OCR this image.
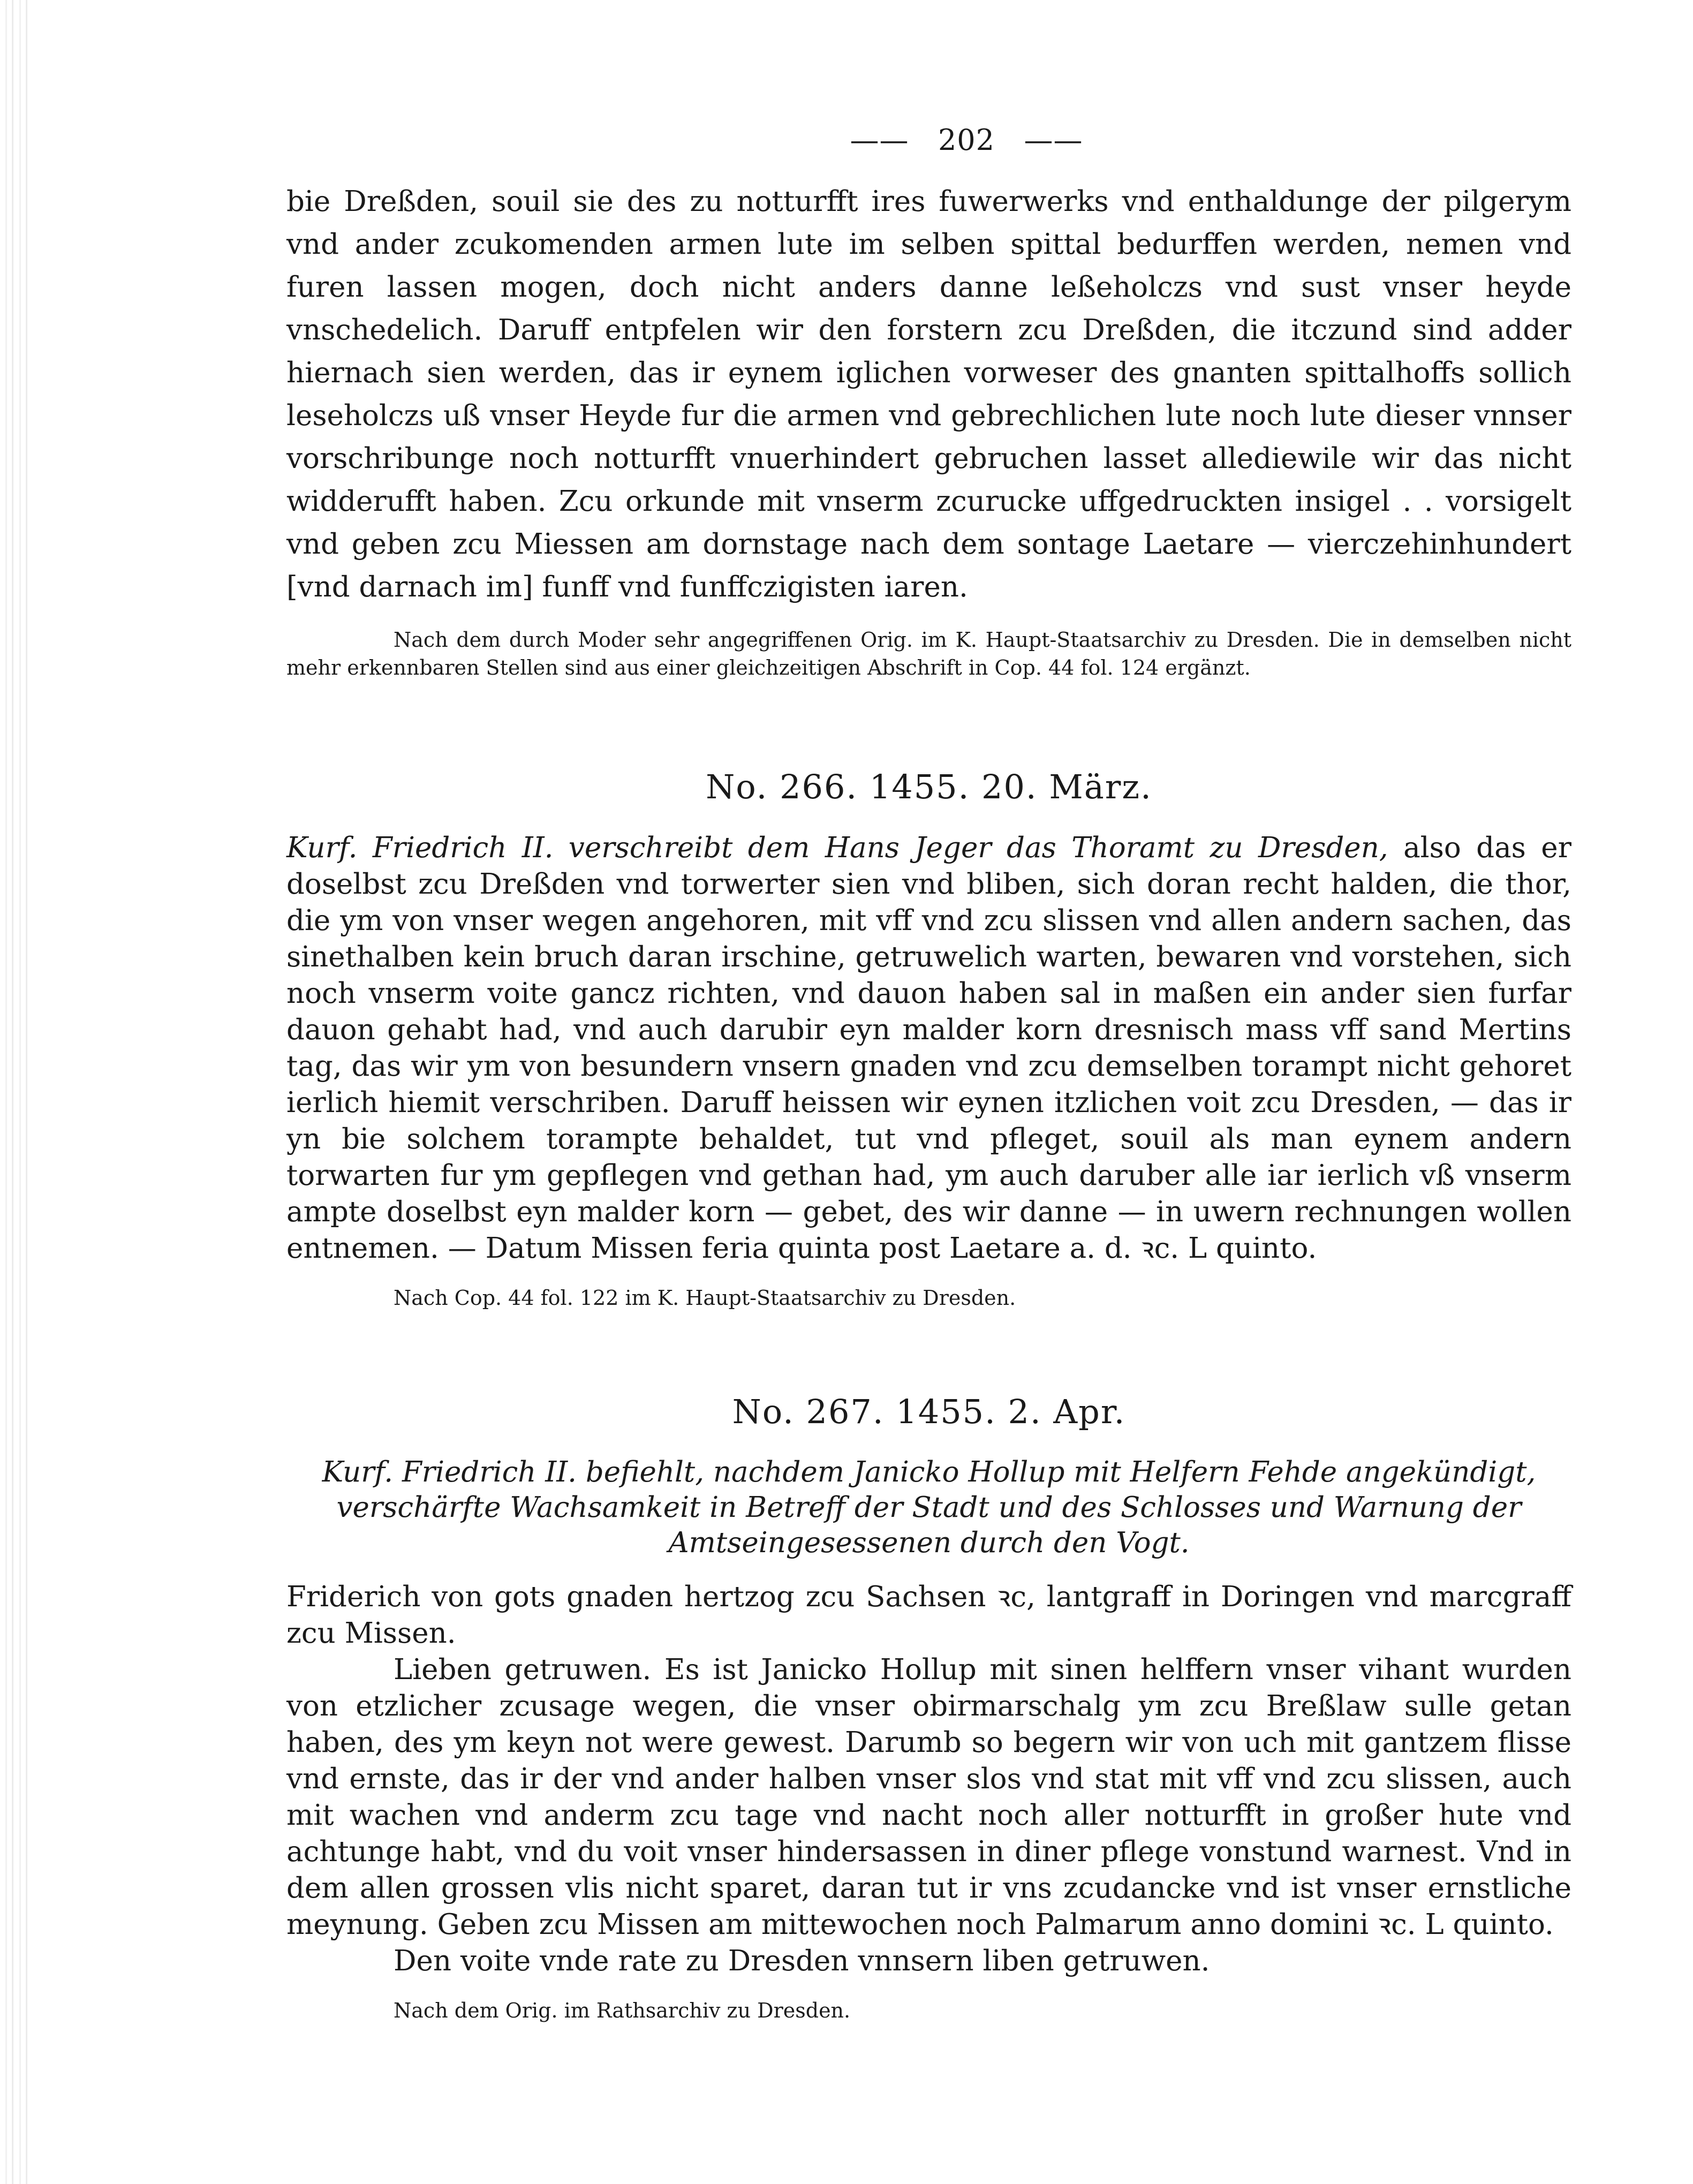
——   202   ——

bie Dreßden, souil sie des zu notturfft ires fuwerwerks vnd enthaldunge der pilgerym vnd ander zcukomenden armen lute im selben spittal bedurffen werden, nemen vnd furen lassen mogen, doch nicht anders danne leßeholczs vnd sust vnser heyde vnschedelich. Daruff entpfelen wir den forstern zcu Dreßden, die itczund sind adder hiernach sien werden, das ir eynem iglichen vorweser des gnanten spittalhoffs sollich leseholczs uß vnser Heyde fur die armen vnd gebrechlichen lute noch lute dieser vnnser vorschribunge noch notturfft vnuerhindert gebruchen lasset allediewile wir das nicht widderufft haben. Zcu orkunde mit vnserm zcurucke uffgedruckten insigel . . vorsigelt vnd geben zcu Miessen am dornstage nach dem sontage Laetare — vierczehinhundert [vnd darnach im] funff vnd funffczigisten iaren.

Nach dem durch Moder sehr angegriffenen Orig. im K. Haupt-Staatsarchiv zu Dresden. Die in demselben nicht mehr erkennbaren Stellen sind aus einer gleichzeitigen Abschrift in Cop. 44 fol. 124 ergänzt.

No. 266. 1455. 20. März.

Kurf. Friedrich II. verschreibt dem Hans Jeger das Thoramt zu Dresden, also das er doselbst zcu Dreßden vnd torwerter sien vnd bliben, sich doran recht halden, die thor, die ym von vnser wegen angehoren, mit vff vnd zcu slissen vnd allen andern sachen, das sinethalben kein bruch daran irschine, getruwelich warten, bewaren vnd vorstehen, sich noch vnserm voite gancz richten, vnd dauon haben sal in maßen ein ander sien furfar dauon gehabt had, vnd auch darubir eyn malder korn dresnisch mass vff sand Mertins tag, das wir ym von besundern vnsern gnaden vnd zcu demselben torampt nicht gehoret ierlich hiemit verschriben. Daruff heissen wir eynen itzlichen voit zcu Dresden, — das ir yn bie solchem torampte behaldet, tut vnd pfleget, souil als man eynem andern torwarten fur ym gepflegen vnd gethan had, ym auch daruber alle iar ierlich vß vnserm ampte doselbst eyn malder korn — gebet, des wir danne — in uwern rechnungen wollen entnemen. — Datum Missen feria quinta post Laetare a. d. ꝛc. L quinto.

Nach Cop. 44 fol. 122 im K. Haupt-Staatsarchiv zu Dresden.

No. 267. 1455. 2. Apr.

Kurf. Friedrich II. befiehlt, nachdem Janicko Hollup mit Helfern Fehde angekündigt, verschärfte Wachsamkeit in Betreff der Stadt und des Schlosses und Warnung der Amtseingesessenen durch den Vogt.

Friderich von gots gnaden hertzog zcu Sachsen ꝛc, lantgraff in Doringen vnd marcgraff zcu Missen.

Lieben getruwen. Es ist Janicko Hollup mit sinen helffern vnser vihant wurden von etzlicher zcusage wegen, die vnser obirmarschalg ym zcu Breßlaw sulle getan haben, des ym keyn not were gewest. Darumb so begern wir von uch mit gantzem flisse vnd ernste, das ir der vnd ander halben vnser slos vnd stat mit vff vnd zcu slissen, auch mit wachen vnd anderm zcu tage vnd nacht noch aller notturfft in großer hute vnd achtunge habt, vnd du voit vnser hindersassen in diner pflege vonstund warnest. Vnd in dem allen grossen vlis nicht sparet, daran tut ir vns zcudancke vnd ist vnser ernstliche meynung. Geben zcu Missen am mittewochen noch Palmarum anno domini ꝛc. L quinto.

Den voite vnde rate zu Dresden vnnsern liben getruwen.

Nach dem Orig. im Rathsarchiv zu Dresden.
